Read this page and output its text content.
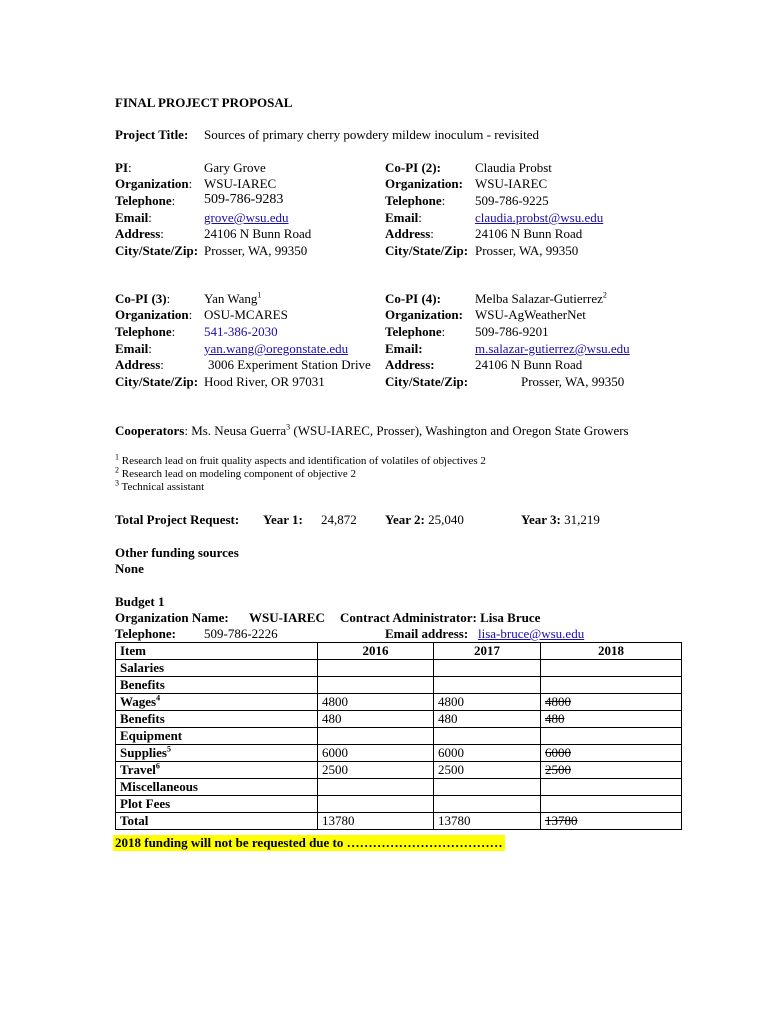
FINAL PROJECT PROPOSAL
Project Title: Sources of primary cherry powdery mildew inoculum - revisited
PI:	Gary Grove
Organization: WSU-IAREC
Telephone: 509-786-9283
Email:	grove@wsu.edu
Address:	24106 N Bunn Road
City/State/Zip: Prosser, WA, 99350
Co-PI (2):	Claudia Probst
Organization: WSU-IAREC
Telephone: 509-786-9225
Email:	claudia.probst@wsu.edu
Address:	24106 N Bunn Road
City/State/Zip: Prosser, WA, 99350
Co-PI (3):	Yan Wang$^1$
Organization: OSU-MCARES
Telephone: 541-386-2030
Email:	yan.wang@oregonstate.edu
Address:	3006 Experiment Station Drive
City/State/Zip: Hood River, OR 97031
Co-PI (4):	Melba Salazar-Gutierrez$^2$
Organization: WSU-AgWeatherNet
Telephone: 509-786-9201
Email:	m.salazar-gutierrez@wsu.edu
Address:	24106 N Bunn Road
City/State/Zip:	Prosser, WA, 99350
Cooperators: Ms. Neusa Guerra$^3$ (WSU-IAREC, Prosser), Washington and Oregon State Growers
$^1$ Research lead on fruit quality aspects and identification of volatiles of objectives 2
$^2$ Research lead on modeling component of objective 2
$^3$ Technical assistant
Total Project Request: Year 1: 24,872 Year 2: 25,040	Year 3: 31,219
Other funding sources
None
Budget 1
Organization Name: WSU-IAREC Contract Administrator: Lisa Bruce
Telephone: 509-786-2226	Email address: lisa-bruce@wsu.edu
Item	2016	2017	2018
Salaries			
Benefits			
Wages$^4$	4800	4800	4800
Benefits	480	480	480
Equipment			
Supplies$^5$	6000	6000	6000
Travel$^6$	2500	2500	2500
Miscellaneous			
Plot Fees			
Total	13780	13780	13780
2018 funding will not be requested due to ………………………………
